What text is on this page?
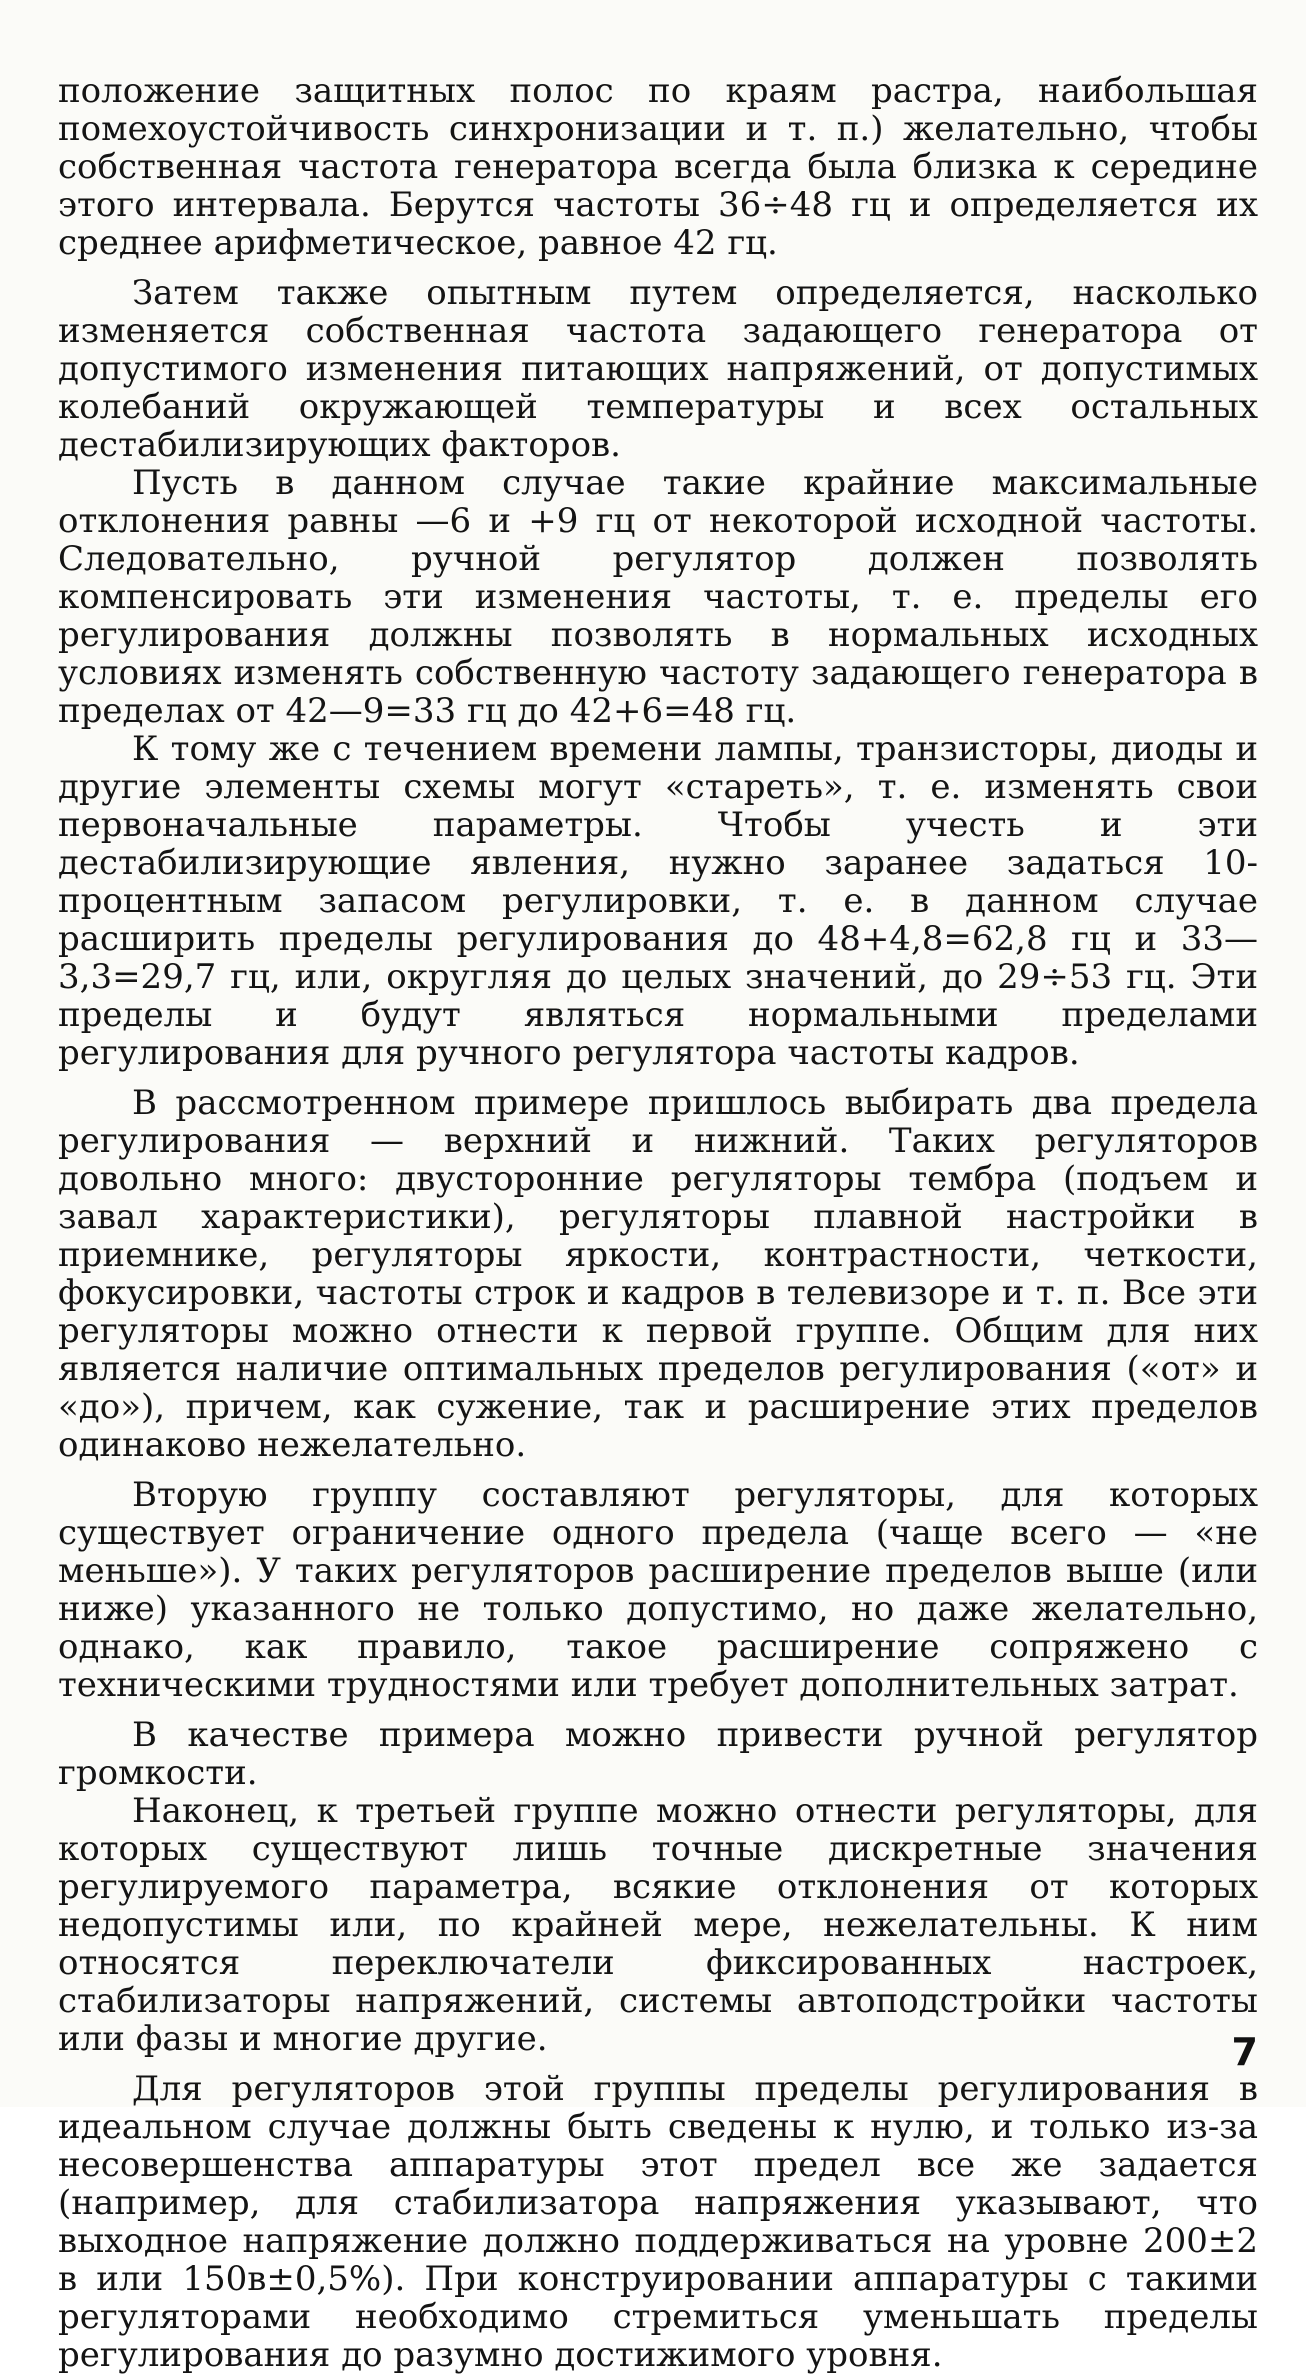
положение защитных полос по краям растра, наибольшая помехоустойчивость синхронизации и т. п.) желательно, чтобы собственная частота генератора всегда была близка к середине этого интервала. Берутся частоты 36÷48 гц и определяется их среднее арифметическое, равное 42 гц.

Затем также опытным путем определяется, насколько изменяется собственная частота задающего генератора от допустимого изменения питающих напряжений, от допустимых колебаний окружающей температуры и всех остальных дестабилизирующих факторов.

Пусть в данном случае такие крайние максимальные отклонения равны —6 и +9 гц от некоторой исходной частоты. Следовательно, ручной регулятор должен позволять компенсировать эти изменения частоты, т. е. пределы его регулирования должны позволять в нормальных исходных условиях изменять собственную частоту задающего генератора в пределах от 42—9=33 гц до 42+6=48 гц.

К тому же с течением времени лампы, транзисторы, диоды и другие элементы схемы могут «стареть», т. е. изменять свои первоначальные параметры. Чтобы учесть и эти дестабилизирующие явления, нужно заранее задаться 10-процентным запасом регулировки, т. е. в данном случае расширить пределы регулирования до 48+4,8=62,8 гц и 33—3,3=29,7 гц, или, округляя до целых значений, до 29÷53 гц. Эти пределы и будут являться нормальными пределами регулирования для ручного регулятора частоты кадров.

В рассмотренном примере пришлось выбирать два предела регулирования — верхний и нижний. Таких регуляторов довольно много: двусторонние регуляторы тембра (подъем и завал характеристики), регуляторы плавной настройки в приемнике, регуляторы яркости, контрастности, четкости, фокусировки, частоты строк и кадров в телевизоре и т. п. Все эти регуляторы можно отнести к первой группе. Общим для них является наличие оптимальных пределов регулирования («от» и «до»), причем, как сужение, так и расширение этих пределов одинаково нежелательно.

Вторую группу составляют регуляторы, для которых существует ограничение одного предела (чаще всего — «не меньше»). У таких регуляторов расширение пределов выше (или ниже) указанного не только допустимо, но даже желательно, однако, как правило, такое расширение сопряжено с техническими трудностями или требует дополнительных затрат.

В качестве примера можно привести ручной регулятор громкости.

Наконец, к третьей группе можно отнести регуляторы, для которых существуют лишь точные дискретные значения регулируемого параметра, всякие отклонения от которых недопустимы или, по крайней мере, нежелательны. К ним относятся переключатели фиксированных настроек, стабилизаторы напряжений, системы автоподстройки частоты или фазы и многие другие.

Для регуляторов этой группы пределы регулирования в идеальном случае должны быть сведены к нулю, и только из-за несовершенства аппаратуры этот предел все же задается (например, для стабилизатора напряжения указывают, что выходное напряжение должно поддерживаться на уровне 200±2 в или 150в±0,5%). При конструировании аппаратуры с такими регуляторами необходимо стремиться уменьшать пределы регулирования до разумно достижимого уровня.

7
